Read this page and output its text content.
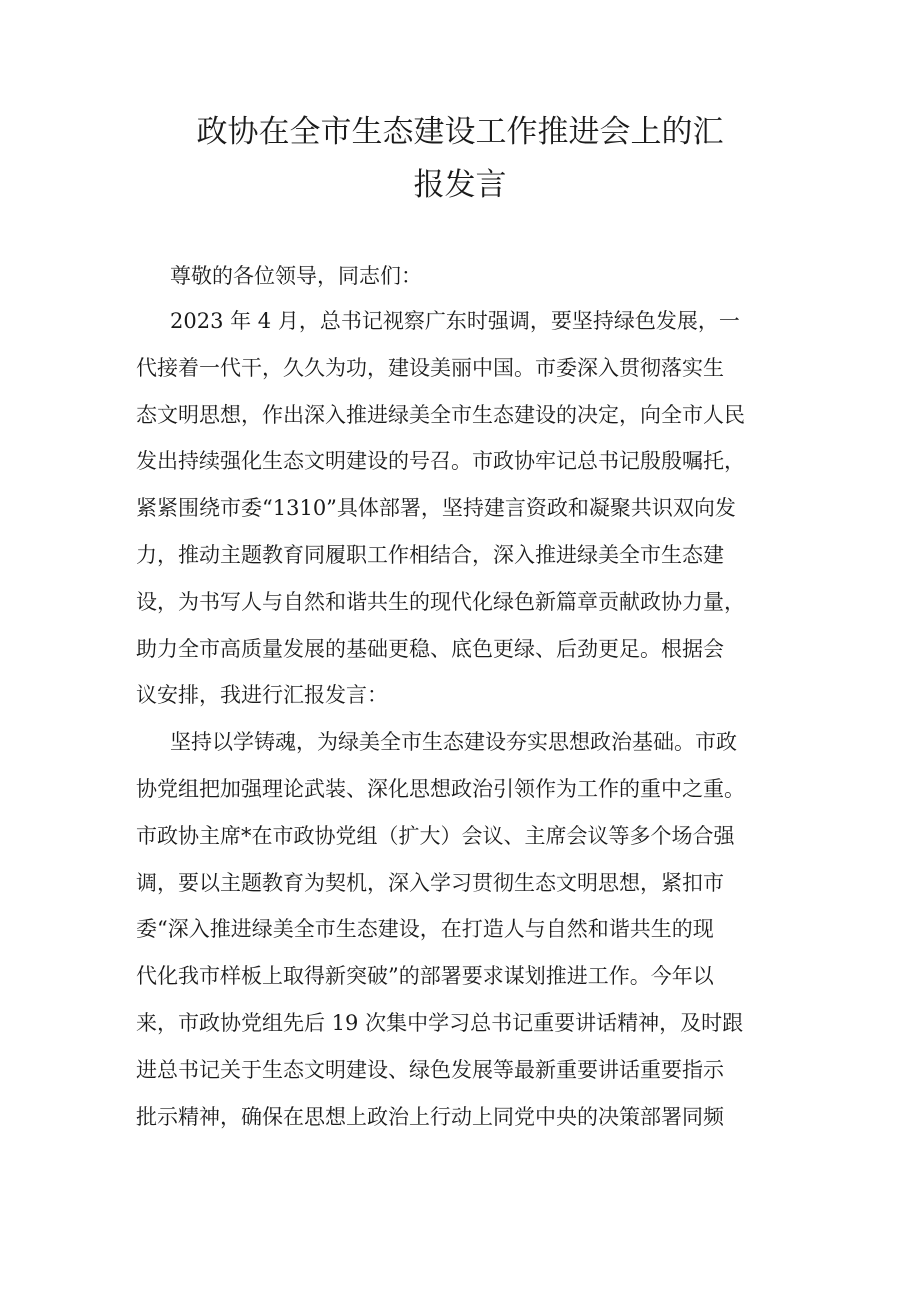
政协在全市生态建设工作推进会上的汇
报发言
尊敬的各位领导，同志们：
2023 年 4 月，总书记视察广东时强调，要坚持绿色发展，一
代接着一代干，久久为功，建设美丽中国。市委深入贯彻落实生
态文明思想，作出深入推进绿美全市生态建设的决定，向全市人民
发出持续强化生态文明建设的号召。市政协牢记总书记殷殷嘱托，
紧紧围绕市委“1310”具体部署，坚持建言资政和凝聚共识双向发
力，推动主题教育同履职工作相结合，深入推进绿美全市生态建
设，为书写人与自然和谐共生的现代化绿色新篇章贡献政协力量，
助力全市高质量发展的基础更稳、底色更绿、后劲更足。根据会
议安排，我进行汇报发言：
坚持以学铸魂，为绿美全市生态建设夯实思想政治基础。市政
协党组把加强理论武装、深化思想政治引领作为工作的重中之重。
市政协主席*在市政协党组（扩大）会议、主席会议等多个场合强
调，要以主题教育为契机，深入学习贯彻生态文明思想，紧扣市
委“深入推进绿美全市生态建设，在打造人与自然和谐共生的现
代化我市样板上取得新突破”的部署要求谋划推进工作。今年以
来，市政协党组先后 19 次集中学习总书记重要讲话精神，及时跟
进总书记关于生态文明建设、绿色发展等最新重要讲话重要指示
批示精神，确保在思想上政治上行动上同党中央的决策部署同频
